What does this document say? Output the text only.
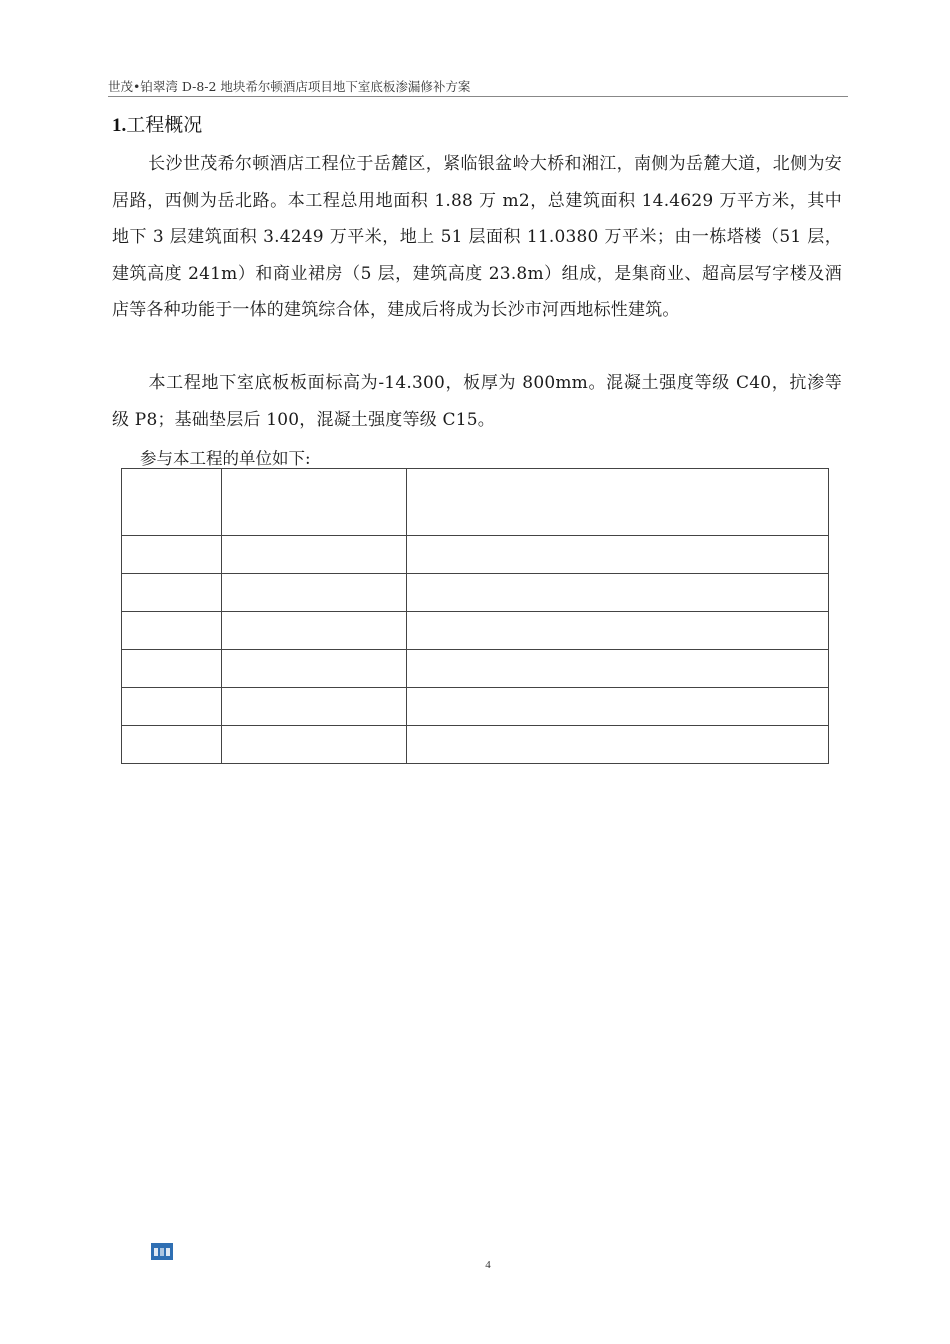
世茂•铂翠湾 D-8-2 地块希尔顿酒店项目地下室底板渗漏修补方案
1.工程概况
长沙世茂希尔顿酒店工程位于岳麓区，紧临银盆岭大桥和湘江，南侧为岳麓大道，北侧为安居路，西侧为岳北路。本工程总用地面积 1.88 万 m2，总建筑面积 14.4629 万平方米，其中地下 3 层建筑面积 3.4249 万平米，地上 51 层面积 11.0380 万平米；由一栋塔楼（51 层，建筑高度 241m）和商业裙房（5 层，建筑高度 23.8m）组成，是集商业、超高层写字楼及酒店等各种功能于一体的建筑综合体，建成后将成为长沙市河西地标性建筑。
本工程地下室底板板面标高为-14.300，板厚为 800mm。混凝土强度等级 C40，抗渗等级 P8；基础垫层后 100，混凝土强度等级 C15。
参与本工程的单位如下:

4
